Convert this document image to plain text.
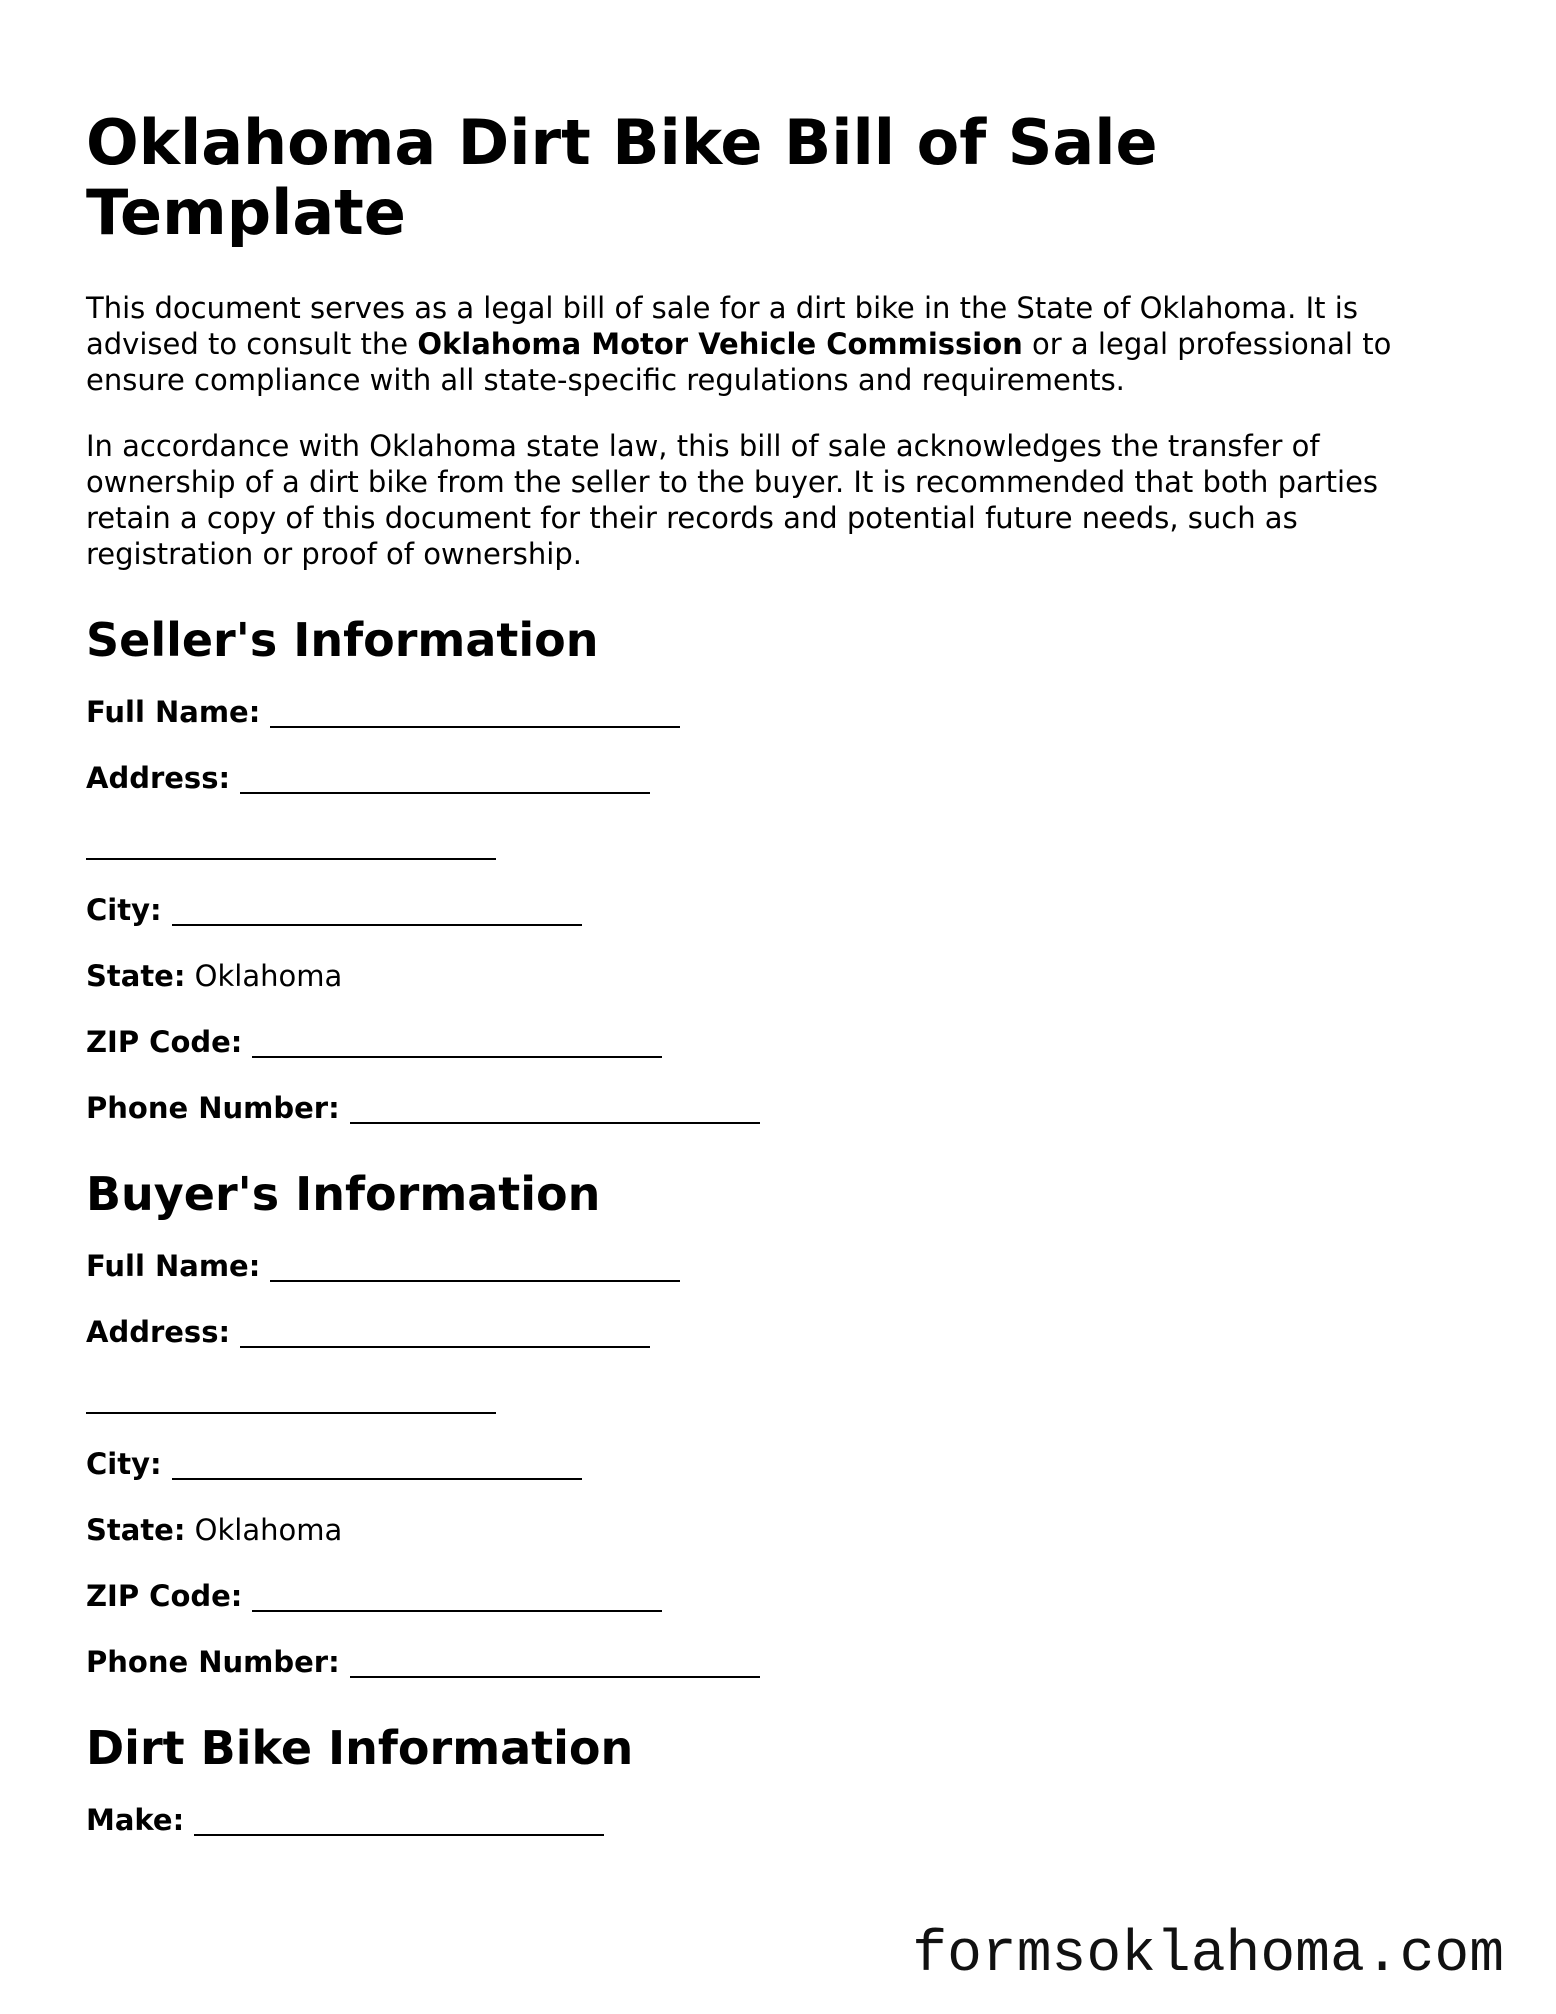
Oklahoma Dirt Bike Bill of Sale Template

This document serves as a legal bill of sale for a dirt bike in the State of Oklahoma. It is advised to consult the Oklahoma Motor Vehicle Commission or a legal professional to ensure compliance with all state-specific regulations and requirements.

In accordance with Oklahoma state law, this bill of sale acknowledges the transfer of ownership of a dirt bike from the seller to the buyer. It is recommended that both parties retain a copy of this document for their records and potential future needs, such as registration or proof of ownership.

Seller's Information
Full Name:
Address:
City:
State: Oklahoma
ZIP Code:
Phone Number:
Buyer's Information
Full Name:
Address:
City:
State: Oklahoma
ZIP Code:
Phone Number:
Dirt Bike Information
Make:
formsoklahoma.com
